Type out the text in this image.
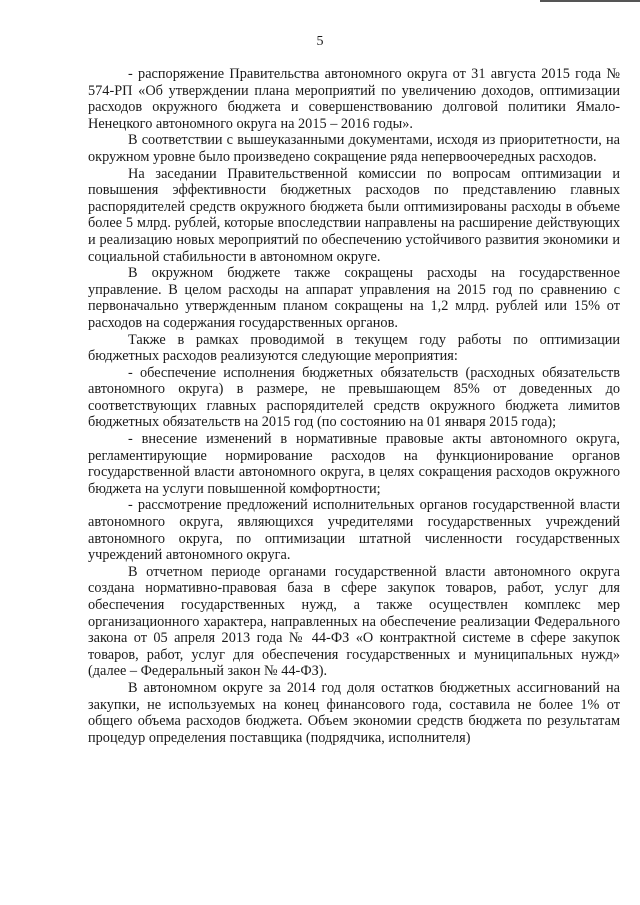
5

- распоряжение Правительства автономного округа от 31 августа 2015 года № 574-РП «Об утверждении плана мероприятий по увеличению доходов, оптимизации расходов окружного бюджета и совершенствованию долговой политики Ямало-Ненецкого автономного округа на 2015 – 2016 годы».

В соответствии с вышеуказанными документами, исходя из приоритетности, на окружном уровне было произведено сокращение ряда непервоочередных расходов.

На заседании Правительственной комиссии по вопросам оптимизации и повышения эффективности бюджетных расходов по представлению главных распорядителей средств окружного бюджета были оптимизированы расходы в объеме более 5 млрд. рублей, которые впоследствии направлены на расширение действующих и реализацию новых мероприятий по обеспечению устойчивого развития экономики и социальной стабильности в автономном округе.

В окружном бюджете также сокращены расходы на государственное управление. В целом расходы на аппарат управления на 2015 год по сравнению с первоначально утвержденным планом сокращены на 1,2 млрд. рублей или 15% от расходов на содержания государственных органов.

Также в рамках проводимой в текущем году работы по оптимизации бюджетных расходов реализуются следующие мероприятия:

- обеспечение исполнения бюджетных обязательств (расходных обязательств автономного округа) в размере, не превышающем 85% от доведенных до соответствующих главных распорядителей средств окружного бюджета лимитов бюджетных обязательств на 2015 год (по состоянию на 01 января 2015 года);

- внесение изменений в нормативные правовые акты автономного округа, регламентирующие нормирование расходов на функционирование органов государственной власти автономного округа, в целях сокращения расходов окружного бюджета на услуги повышенной комфортности;

- рассмотрение предложений исполнительных органов государственной власти автономного округа, являющихся учредителями государственных учреждений автономного округа, по оптимизации штатной численности государственных учреждений автономного округа.

В отчетном периоде органами государственной власти автономного округа создана нормативно-правовая база в сфере закупок товаров, работ, услуг для обеспечения государственных нужд, а также осуществлен комплекс мер организационного характера, направленных на обеспечение реализации Федерального закона от 05 апреля 2013 года № 44-ФЗ «О контрактной системе в сфере закупок товаров, работ, услуг для обеспечения государственных и муниципальных нужд» (далее – Федеральный закон № 44-ФЗ).

В автономном округе за 2014 год доля остатков бюджетных ассигнований на закупки, не используемых на конец финансового года, составила не более 1% от общего объема расходов бюджета. Объем экономии средств бюджета по результатам процедур определения поставщика (подрядчика, исполнителя)
